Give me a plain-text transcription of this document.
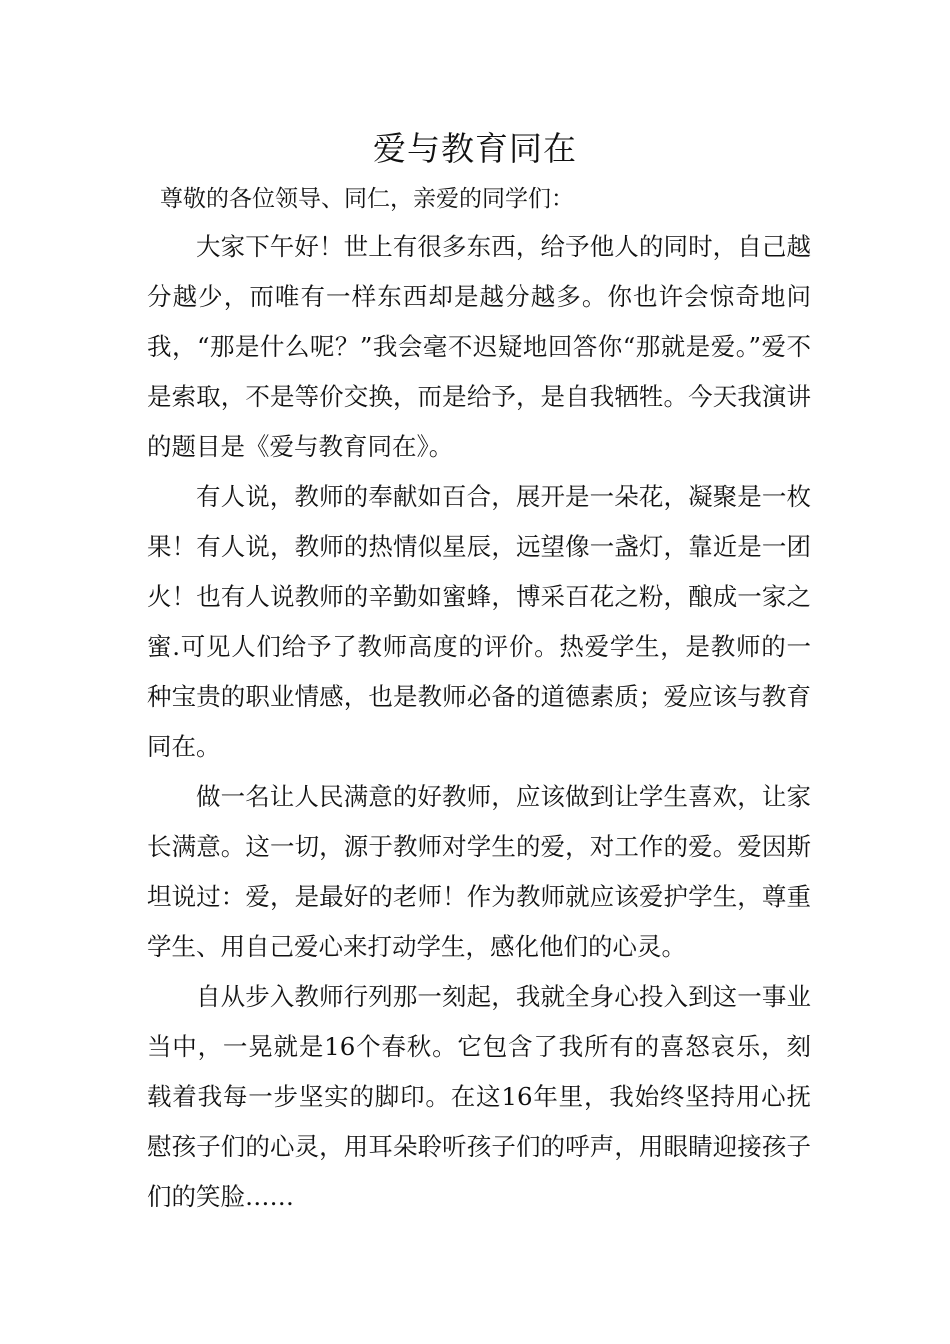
爱与教育同在
尊敬的各位领导、同仁，亲爱的同学们：

大家下午好！世上有很多东西，给予他人的同时，自己越分越少，而唯有一样东西却是越分越多。你也许会惊奇地问我，“那是什么呢？”我会毫不迟疑地回答你“那就是爱。”爱不是索取，不是等价交换，而是给予，是自我牺牲。今天我演讲的题目是《爱与教育同在》。

有人说，教师的奉献如百合，展开是一朵花，凝聚是一枚果！有人说，教师的热情似星辰，远望像一盏灯，靠近是一团火！也有人说教师的辛勤如蜜蜂，博采百花之粉，酿成一家之蜜.可见人们给予了教师高度的评价。热爱学生，是教师的一种宝贵的职业情感，也是教师必备的道德素质；爱应该与教育同在。

做一名让人民满意的好教师，应该做到让学生喜欢，让家长满意。这一切，源于教师对学生的爱，对工作的爱。爱因斯坦说过：爱，是最好的老师！作为教师就应该爱护学生，尊重学生、用自己爱心来打动学生，感化他们的心灵。

自从步入教师行列那一刻起，我就全身心投入到这一事业当中，一晃就是16个春秋。它包含了我所有的喜怒哀乐，刻载着我每一步坚实的脚印。在这16年里，我始终坚持用心抚慰孩子们的心灵，用耳朵聆听孩子们的呼声，用眼睛迎接孩子们的笑脸……
